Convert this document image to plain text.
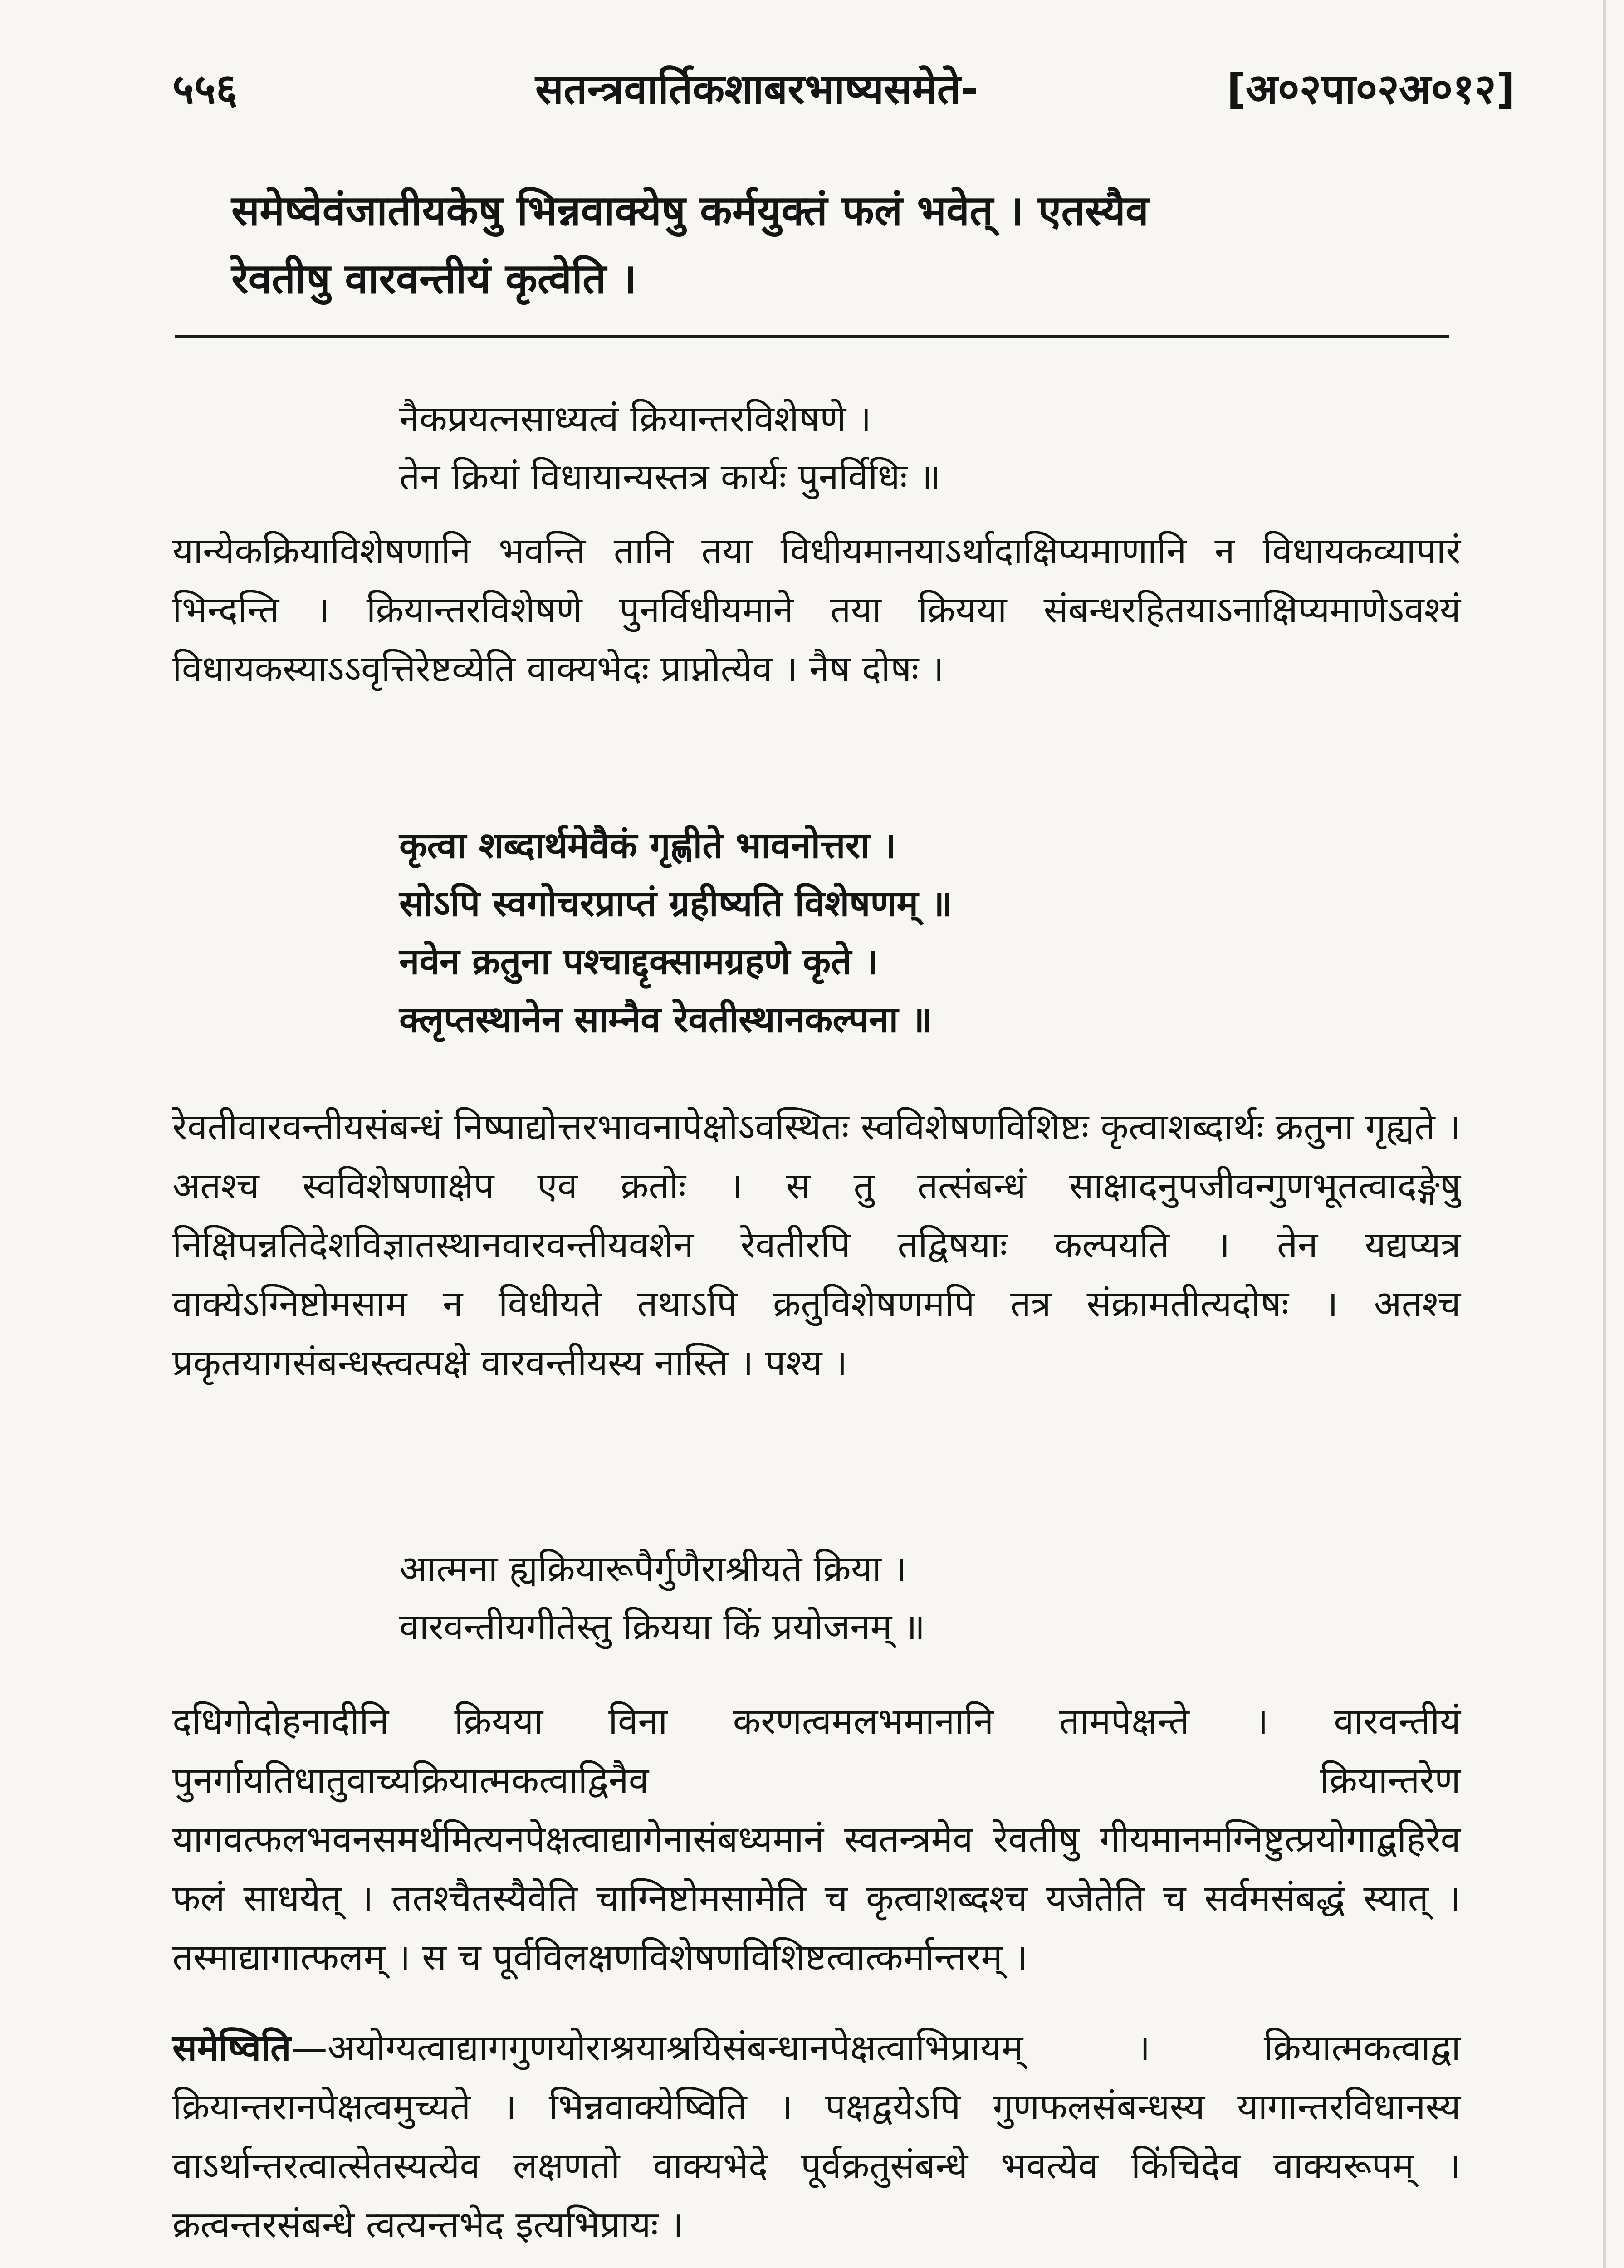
५५६	सतन्त्रवार्तिकशाबरभाष्यसमेते-	[अ०२पा०२अ०१२]
समेष्वेवंजातीयकेषु भिन्नवाक्येषु कर्मयुक्तं फलं भवेत् । एतस्यैव
रेवतीषु वारवन्तीयं कृत्वेति ।
नैकप्रयत्नसाध्यत्वं क्रियान्तरविशेषणे ।
तेन क्रियां विधायान्यस्तत्र कार्यः पुनर्विधिः ॥

यान्येकक्रियाविशेषणानि भवन्ति तानि तया विधीयमानयाऽर्थादाक्षिप्यमाणानि न विधायकव्यापारं भिन्दन्ति । क्रियान्तरविशेषणे पुनर्विधीयमाने तया क्रियया संबन्धरहितयाऽनाक्षिप्यमाणेऽवश्यं विधायकस्याऽऽवृत्तिरेष्टव्येति वाक्यभेदः प्राप्नोत्येव । नैष दोषः ।

कृत्वा शब्दार्थमेवैकं गृह्णीते भावनोत्तरा ।
सोऽपि स्वगोचरप्राप्तं ग्रहीष्यति विशेषणम् ॥
नवेन क्रतुना पश्चाद्दृक्सामग्रहणे कृते ।
क्लृप्तस्थानेन साम्नैव रेवतीस्थानकल्पना ॥

रेवतीवारवन्तीयसंबन्धं निष्पाद्योत्तरभावनापेक्षोऽवस्थितः स्वविशेषणविशिष्टः कृत्वाशब्दार्थः क्रतुना गृह्यते । अतश्च स्वविशेषणाक्षेप एव क्रतोः । स तु तत्संबन्धं साक्षादनुपजीवन्गुणभूतत्वादङ्गेषु निक्षिपन्नतिदेशविज्ञातस्थानवारवन्तीयवशेन रेवतीरपि तद्विषयाः कल्पयति । तेन यद्यप्यत्र वाक्येऽग्निष्टोमसाम न विधीयते तथाऽपि क्रतुविशेषणमपि तत्र संक्रामतीत्यदोषः । अतश्च प्रकृतयागसंबन्धस्त्वत्पक्षे वारवन्तीयस्य नास्ति । पश्य ।

आत्मना ह्यक्रियारूपैर्गुणैराश्रीयते क्रिया ।
वारवन्तीयगीतेस्तु क्रियया किं प्रयोजनम् ॥

दधिगोदोहनादीनि क्रियया विना करणत्वमलभमानानि तामपेक्षन्ते । वारवन्तीयं पुनर्गायतिधातुवाच्यक्रियात्मकत्वाद्विनैव क्रियान्तरेण यागवत्फलभवनसमर्थमित्यनपेक्षत्वाद्यागेनासंबध्यमानं स्वतन्त्रमेव रेवतीषु गीयमानमग्निष्टुत्प्रयोगाद्बहिरेव फलं साधयेत् । ततश्चैतस्यैवेति चाग्निष्टोमसामेति च कृत्वाशब्दश्च यजेतेति च सर्वमसंबद्धं स्यात् । तस्माद्यागात्फलम् । स च पूर्वविलक्षणविशेषणविशिष्टत्वात्कर्मान्तरम् ।

समेष्विति—अयोग्यत्वाद्यागगुणयोराश्रयाश्रयिसंबन्धानपेक्षत्वाभिप्रायम् । क्रियात्मकत्वाद्वा क्रियान्तरानपेक्षत्वमुच्यते । भिन्नवाक्येष्विति । पक्षद्वयेऽपि गुणफलसंबन्धस्य यागान्तरविधानस्य वाऽर्थान्तरत्वात्सेतस्यत्येव लक्षणतो वाक्यभेदे पूर्वक्रतुसंबन्धे भवत्येव किंचिदेव वाक्यरूपम् । क्रत्वन्तरसंबन्धे त्वत्यन्तभेद इत्यभिप्रायः ।
